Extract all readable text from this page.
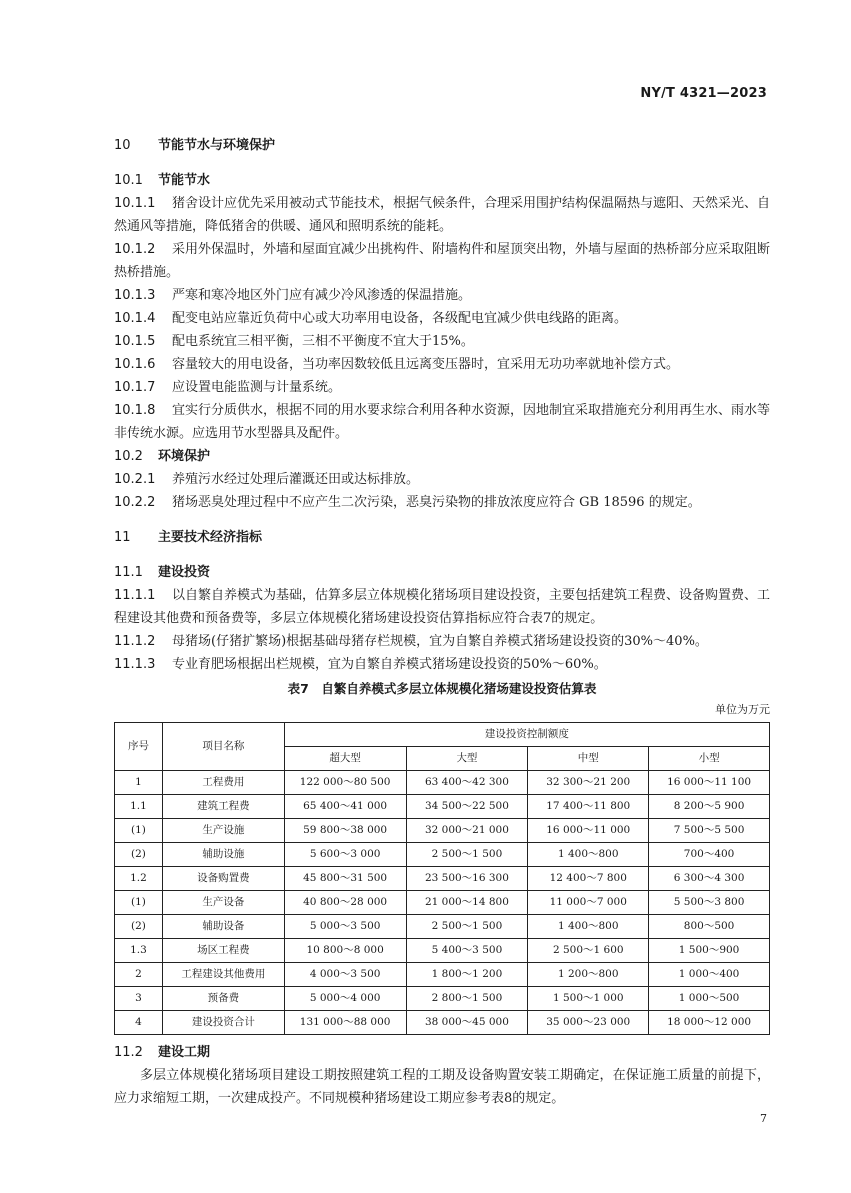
NY/T 4321—2023
10 节能节水与环境保护
10.1 节能节水
10.1.1 猪舍设计应优先采用被动式节能技术，根据气候条件，合理采用围护结构保温隔热与遮阳、天然采光、自然通风等措施，降低猪舍的供暖、通风和照明系统的能耗。
10.1.2 采用外保温时，外墙和屋面宜减少出挑构件、附墙构件和屋顶突出物，外墙与屋面的热桥部分应采取阻断热桥措施。
10.1.3 严寒和寒冷地区外门应有减少冷风渗透的保温措施。
10.1.4 配变电站应靠近负荷中心或大功率用电设备，各级配电宜减少供电线路的距离。
10.1.5 配电系统宜三相平衡，三相不平衡度不宜大于15%。
10.1.6 容量较大的用电设备，当功率因数较低且远离变压器时，宜采用无功功率就地补偿方式。
10.1.7 应设置电能监测与计量系统。
10.1.8 宜实行分质供水，根据不同的用水要求综合利用各种水资源，因地制宜采取措施充分利用再生水、雨水等非传统水源。应选用节水型器具及配件。
10.2 环境保护
10.2.1 养殖污水经过处理后灌溉还田或达标排放。
10.2.2 猪场恶臭处理过程中不应产生二次污染，恶臭污染物的排放浓度应符合 GB 18596 的规定。
11 主要技术经济指标
11.1 建设投资
11.1.1 以自繁自养模式为基础，估算多层立体规模化猪场项目建设投资，主要包括建筑工程费、设备购置费、工程建设其他费和预备费等，多层立体规模化猪场建设投资估算指标应符合表7的规定。
11.1.2 母猪场(仔猪扩繁场)根据基础母猪存栏规模，宜为自繁自养模式猪场建设投资的30%～40%。
11.1.3 专业育肥场根据出栏规模，宜为自繁自养模式猪场建设投资的50%～60%。
表7　自繁自养模式多层立体规模化猪场建设投资估算表
单位为万元
序号	项目名称	建设投资控制额度			
		超大型	大型	中型	小型
1	工程费用	122 000～80 500	63 400～42 300	32 300～21 200	16 000～11 100
1.1	建筑工程费	65 400～41 000	34 500～22 500	17 400～11 800	8 200～5 900
(1)	生产设施	59 800～38 000	32 000～21 000	16 000～11 000	7 500～5 500
(2)	辅助设施	5 600～3 000	2 500～1 500	1 400～800	700～400
1.2	设备购置费	45 800～31 500	23 500～16 300	12 400～7 800	6 300～4 300
(1)	生产设备	40 800～28 000	21 000～14 800	11 000～7 000	5 500～3 800
(2)	辅助设备	5 000～3 500	2 500～1 500	1 400～800	800～500
1.3	场区工程费	10 800～8 000	5 400～3 500	2 500～1 600	1 500～900
2	工程建设其他费用	4 000～3 500	1 800～1 200	1 200～800	1 000～400
3	预备费	5 000～4 000	2 800～1 500	1 500～1 000	1 000～500
4	建设投资合计	131 000～88 000	38 000～45 000	35 000～23 000	18 000～12 000
11.2 建设工期
多层立体规模化猪场项目建设工期按照建筑工程的工期及设备购置安装工期确定，在保证施工质量的前提下，应力求缩短工期，一次建成投产。不同规模种猪场建设工期应参考表8的规定。
7
